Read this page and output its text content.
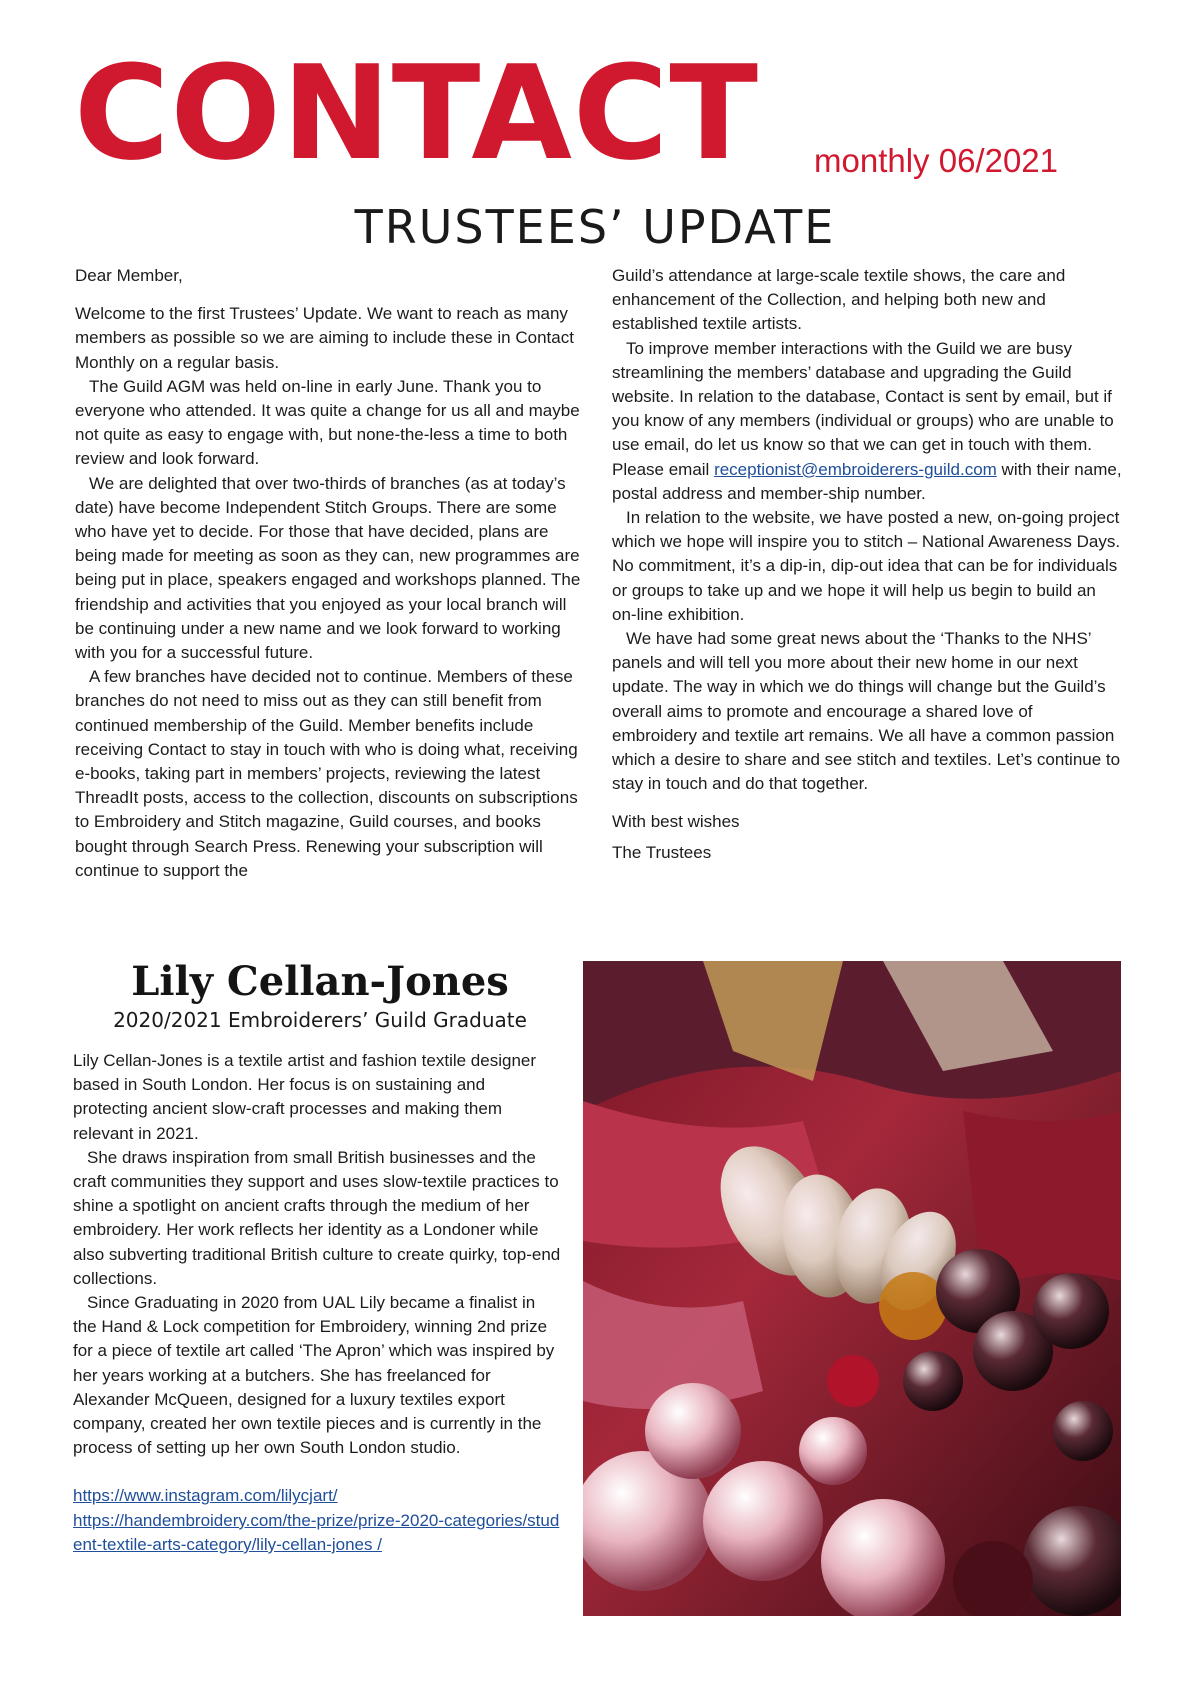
CONTACT monthly 06/2021
TRUSTEES’ UPDATE

Dear Member,

Welcome to the first Trustees’ Update. We want to reach as many members as possible so we are aiming to include these in Contact Monthly on a regular basis.

The Guild AGM was held on-line in early June. Thank you to everyone who attended. It was quite a change for us all and maybe not quite as easy to engage with, but none-the-less a time to both review and look forward.

We are delighted that over two-thirds of branches (as at today’s date) have become Independent Stitch Groups. There are some who have yet to decide. For those that have decided, plans are being made for meeting as soon as they can, new programmes are being put in place, speakers engaged and workshops planned. The friendship and activities that you enjoyed as your local branch will be continuing under a new name and we look forward to working with you for a successful future.

A few branches have decided not to continue. Members of these branches do not need to miss out as they can still benefit from continued membership of the Guild. Member benefits include receiving Contact to stay in touch with who is doing what, receiving e-books, taking part in members’ projects, reviewing the latest ThreadIt posts, access to the collection, discounts on subscriptions to Embroidery and Stitch magazine, Guild courses, and books bought through Search Press. Renewing your subscription will continue to support the

Guild’s attendance at large-scale textile shows, the care and enhancement of the Collection, and helping both new and established textile artists.

To improve member interactions with the Guild we are busy streamlining the members’ database and upgrading the Guild website. In relation to the database, Contact is sent by email, but if you know of any members (individual or groups) who are unable to use email, do let us know so that we can get in touch with them. Please email receptionist@embroiderers-guild.com with their name, postal address and member-ship number.

In relation to the website, we have posted a new, on-going project which we hope will inspire you to stitch – National Awareness Days. No commitment, it’s a dip-in, dip-out idea that can be for individuals or groups to take up and we hope it will help us begin to build an on-line exhibition.

We have had some great news about the ‘Thanks to the NHS’ panels and will tell you more about their new home in our next update. The way in which we do things will change but the Guild’s overall aims to promote and encourage a shared love of embroidery and textile art remains. We all have a common passion which a desire to share and see stitch and textiles. Let’s continue to stay in touch and do that together.

With best wishes

The Trustees

Lily Cellan-Jones
2020/2021 Embroiderers’ Guild Graduate

Lily Cellan-Jones is a textile artist and fashion textile designer based in South London. Her focus is on sustaining and protecting ancient slow-craft processes and making them relevant in 2021.

She draws inspiration from small British businesses and the craft communities they support and uses slow-textile practices to shine a spotlight on ancient crafts through the medium of her embroidery. Her work reflects her identity as a Londoner while also subverting traditional British culture to create quirky, top-end collections.

Since Graduating in 2020 from UAL Lily became a finalist in the Hand & Lock competition for Embroidery, winning 2nd prize for a piece of textile art called ‘The Apron’ which was inspired by her years working at a butchers. She has freelanced for Alexander McQueen, designed for a luxury textiles export company, created her own textile pieces and is currently in the process of setting up her own South London studio.

https://www.instagram.com/lilycjart/

https://handembroidery.com/the-prize/prize-2020-categories/student-textile-arts-category/lily-cellan-jones /
